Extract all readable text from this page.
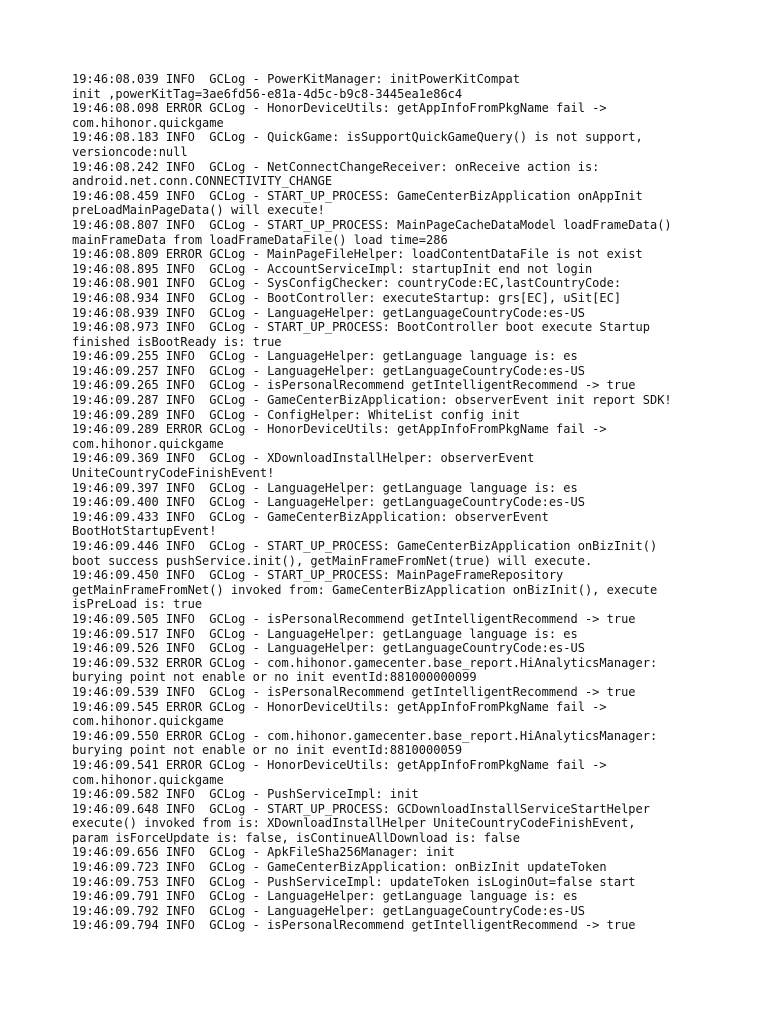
19:46:08.039 INFO  GCLog - PowerKitManager: initPowerKitCompat
init ,powerKitTag=3ae6fd56-e81a-4d5c-b9c8-3445ea1e86c4
19:46:08.098 ERROR GCLog - HonorDeviceUtils: getAppInfoFromPkgName fail ->
com.hihonor.quickgame
19:46:08.183 INFO  GCLog - QuickGame: isSupportQuickGameQuery() is not support,
versioncode:null
19:46:08.242 INFO  GCLog - NetConnectChangeReceiver: onReceive action is:
android.net.conn.CONNECTIVITY_CHANGE
19:46:08.459 INFO  GCLog - START_UP_PROCESS: GameCenterBizApplication onAppInit
preLoadMainPageData() will execute!
19:46:08.807 INFO  GCLog - START_UP_PROCESS: MainPageCacheDataModel loadFrameData()
mainFrameData from loadFrameDataFile() load time=286
19:46:08.809 ERROR GCLog - MainPageFileHelper: loadContentDataFile is not exist
19:46:08.895 INFO  GCLog - AccountServiceImpl: startupInit end not login
19:46:08.901 INFO  GCLog - SysConfigChecker: countryCode:EC,lastCountryCode:
19:46:08.934 INFO  GCLog - BootController: executeStartup: grs[EC], uSit[EC]
19:46:08.939 INFO  GCLog - LanguageHelper: getLanguageCountryCode:es-US
19:46:08.973 INFO  GCLog - START_UP_PROCESS: BootController boot execute Startup
finished isBootReady is: true
19:46:09.255 INFO  GCLog - LanguageHelper: getLanguage language is: es
19:46:09.257 INFO  GCLog - LanguageHelper: getLanguageCountryCode:es-US
19:46:09.265 INFO  GCLog - isPersonalRecommend getIntelligentRecommend -> true
19:46:09.287 INFO  GCLog - GameCenterBizApplication: observerEvent init report SDK!
19:46:09.289 INFO  GCLog - ConfigHelper: WhiteList config init
19:46:09.289 ERROR GCLog - HonorDeviceUtils: getAppInfoFromPkgName fail ->
com.hihonor.quickgame
19:46:09.369 INFO  GCLog - XDownloadInstallHelper: observerEvent
UniteCountryCodeFinishEvent!
19:46:09.397 INFO  GCLog - LanguageHelper: getLanguage language is: es
19:46:09.400 INFO  GCLog - LanguageHelper: getLanguageCountryCode:es-US
19:46:09.433 INFO  GCLog - GameCenterBizApplication: observerEvent
BootHotStartupEvent!
19:46:09.446 INFO  GCLog - START_UP_PROCESS: GameCenterBizApplication onBizInit()
boot success pushService.init(), getMainFrameFromNet(true) will execute.
19:46:09.450 INFO  GCLog - START_UP_PROCESS: MainPageFrameRepository
getMainFrameFromNet() invoked from: GameCenterBizApplication onBizInit(), execute
isPreLoad is: true
19:46:09.505 INFO  GCLog - isPersonalRecommend getIntelligentRecommend -> true
19:46:09.517 INFO  GCLog - LanguageHelper: getLanguage language is: es
19:46:09.526 INFO  GCLog - LanguageHelper: getLanguageCountryCode:es-US
19:46:09.532 ERROR GCLog - com.hihonor.gamecenter.base_report.HiAnalyticsManager:
burying point not enable or no init eventId:881000000099
19:46:09.539 INFO  GCLog - isPersonalRecommend getIntelligentRecommend -> true
19:46:09.545 ERROR GCLog - HonorDeviceUtils: getAppInfoFromPkgName fail ->
com.hihonor.quickgame
19:46:09.550 ERROR GCLog - com.hihonor.gamecenter.base_report.HiAnalyticsManager:
burying point not enable or no init eventId:8810000059
19:46:09.541 ERROR GCLog - HonorDeviceUtils: getAppInfoFromPkgName fail ->
com.hihonor.quickgame
19:46:09.582 INFO  GCLog - PushServiceImpl: init
19:46:09.648 INFO  GCLog - START_UP_PROCESS: GCDownloadInstallServiceStartHelper
execute() invoked from is: XDownloadInstallHelper UniteCountryCodeFinishEvent,
param isForceUpdate is: false, isContinueAllDownload is: false
19:46:09.656 INFO  GCLog - ApkFileSha256Manager: init
19:46:09.723 INFO  GCLog - GameCenterBizApplication: onBizInit updateToken
19:46:09.753 INFO  GCLog - PushServiceImpl: updateToken isLoginOut=false start
19:46:09.791 INFO  GCLog - LanguageHelper: getLanguage language is: es
19:46:09.792 INFO  GCLog - LanguageHelper: getLanguageCountryCode:es-US
19:46:09.794 INFO  GCLog - isPersonalRecommend getIntelligentRecommend -> true
